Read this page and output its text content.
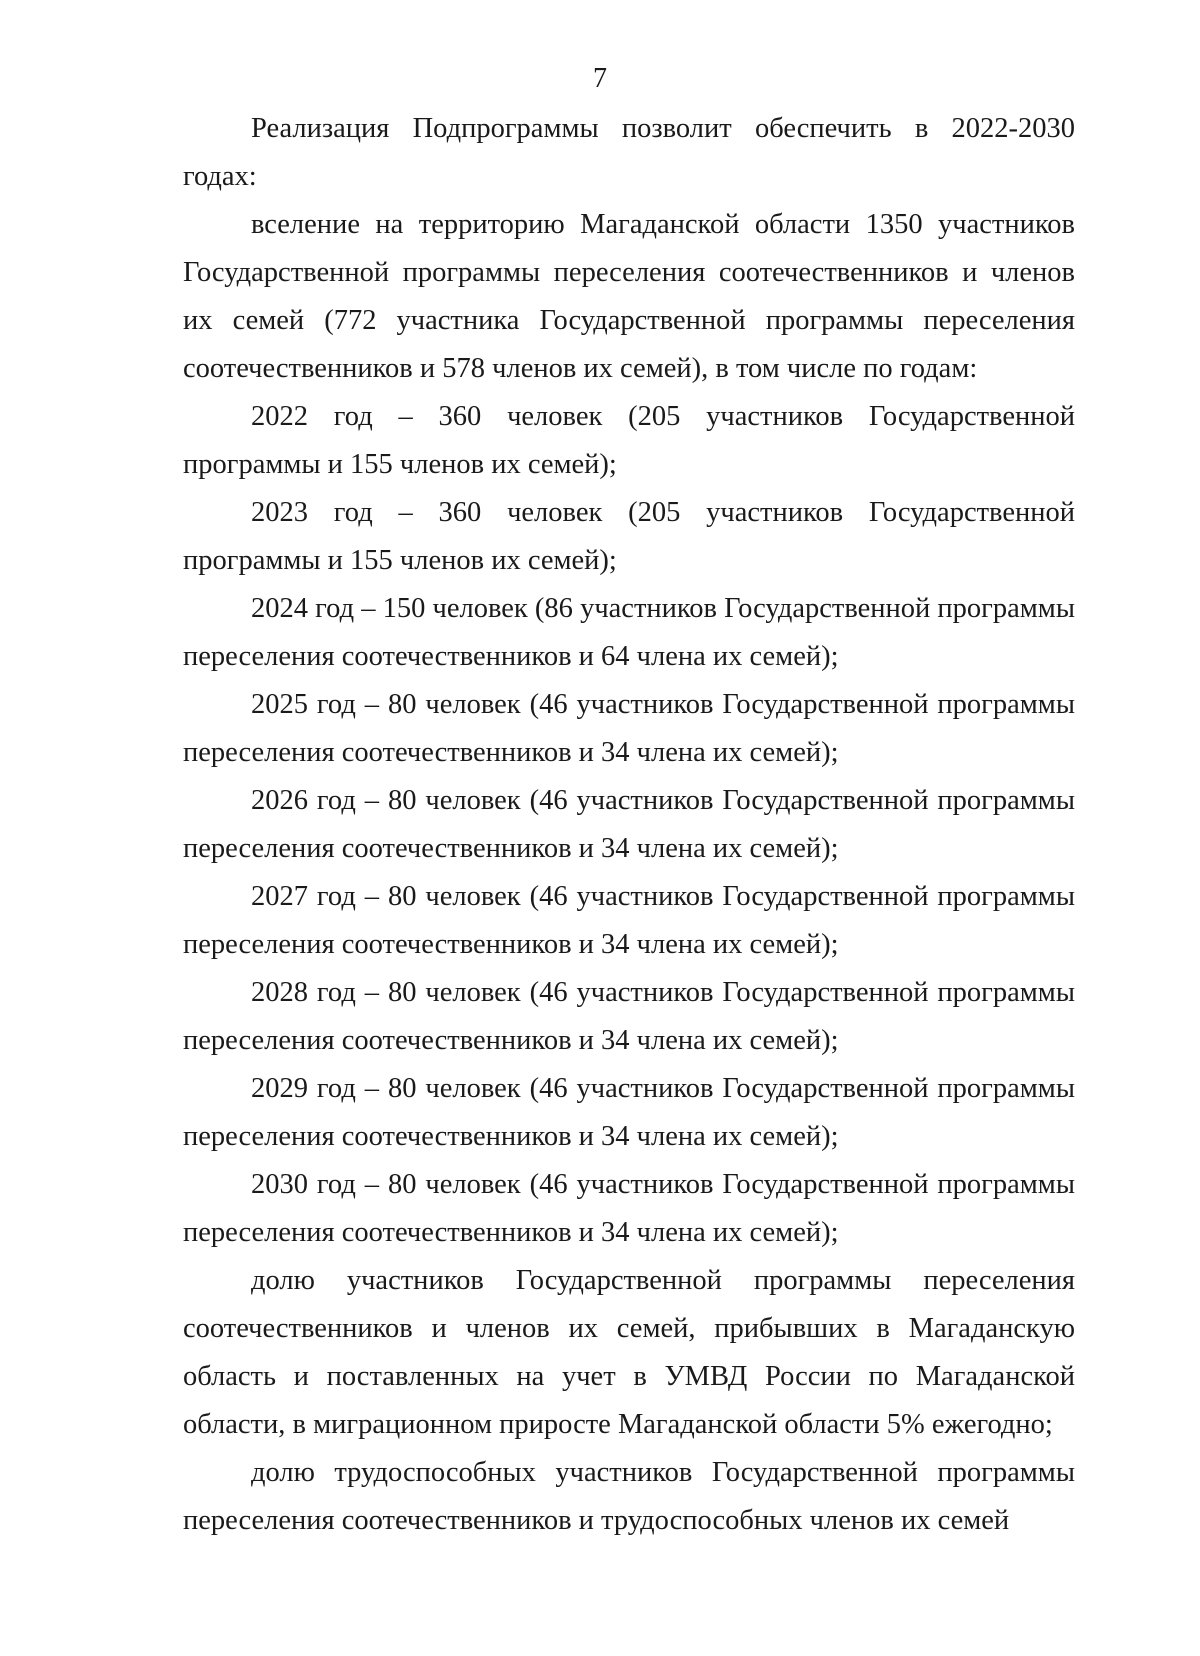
7

Реализация Подпрограммы позволит обеспечить в 2022-2030 годах:

вселение на территорию Магаданской области 1350 участников Государственной программы переселения соотечественников и членов их семей (772 участника Государственной программы переселения соотечественников и 578 членов их семей), в том числе по годам:

2022 год – 360 человек (205 участников Государственной программы и 155 членов их семей);

2023 год – 360 человек (205 участников Государственной программы и 155 членов их семей);

2024 год – 150 человек (86 участников Государственной программы переселения соотечественников и 64 члена их семей);

2025 год – 80 человек (46 участников Государственной программы переселения соотечественников и 34 члена их семей);

2026 год – 80 человек (46 участников Государственной программы переселения соотечественников и 34 члена их семей);

2027 год – 80 человек (46 участников Государственной программы переселения соотечественников и 34 члена их семей);

2028 год – 80 человек (46 участников Государственной программы переселения соотечественников и 34 члена их семей);

2029 год – 80 человек (46 участников Государственной программы переселения соотечественников и 34 члена их семей);

2030 год – 80 человек (46 участников Государственной программы переселения соотечественников и 34 члена их семей);

долю участников Государственной программы переселения соотечественников и членов их семей, прибывших в Магаданскую область и поставленных на учет в УМВД России по Магаданской области, в миграционном приросте Магаданской области 5% ежегодно;

долю трудоспособных участников Государственной программы переселения соотечественников и трудоспособных членов их семей
